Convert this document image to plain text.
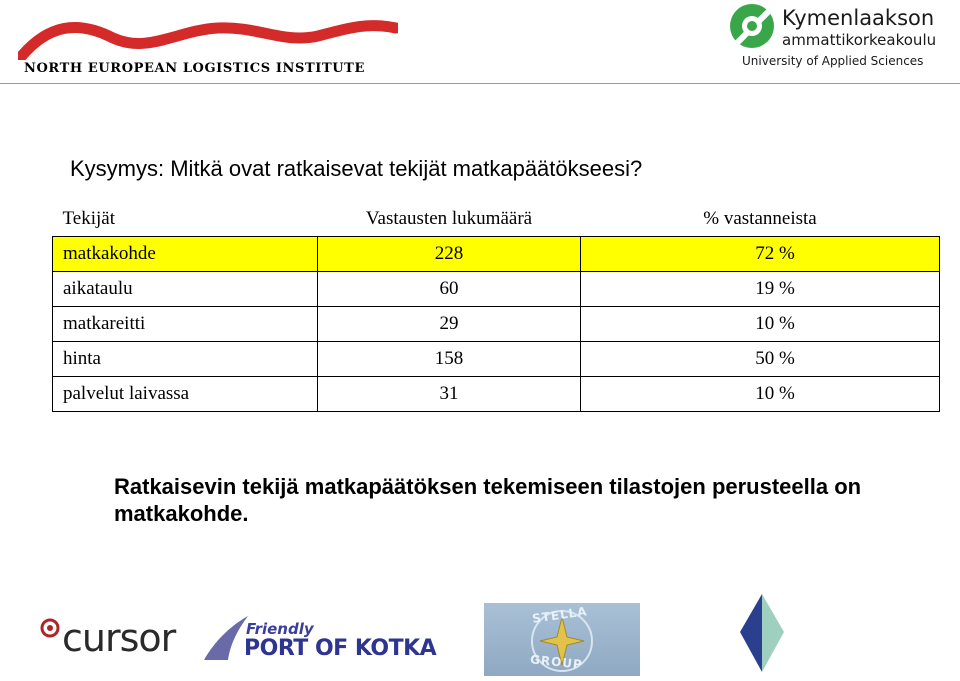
NORTH EUROPEAN LOGISTICS INSTITUTE
Kymenlaakson
ammattikorkeakoulu
University of Applied Sciences
Kysymys: Mitkä ovat ratkaisevat tekijät matkapäätökseesi?
Tekijät	Vastausten lukumäärä	% vastanneista
matkakohde	228	72 %
aikataulu	60	19 %
matkareitti	29	10 %
hinta	158	50 %
palvelut laivassa	31	10 %
Ratkaisevin tekijä matkapäätöksen tekemiseen tilastojen perusteella on matkakohde.
cursor	Friendly
PORT OF KOTKA
STELLA
GROUP
